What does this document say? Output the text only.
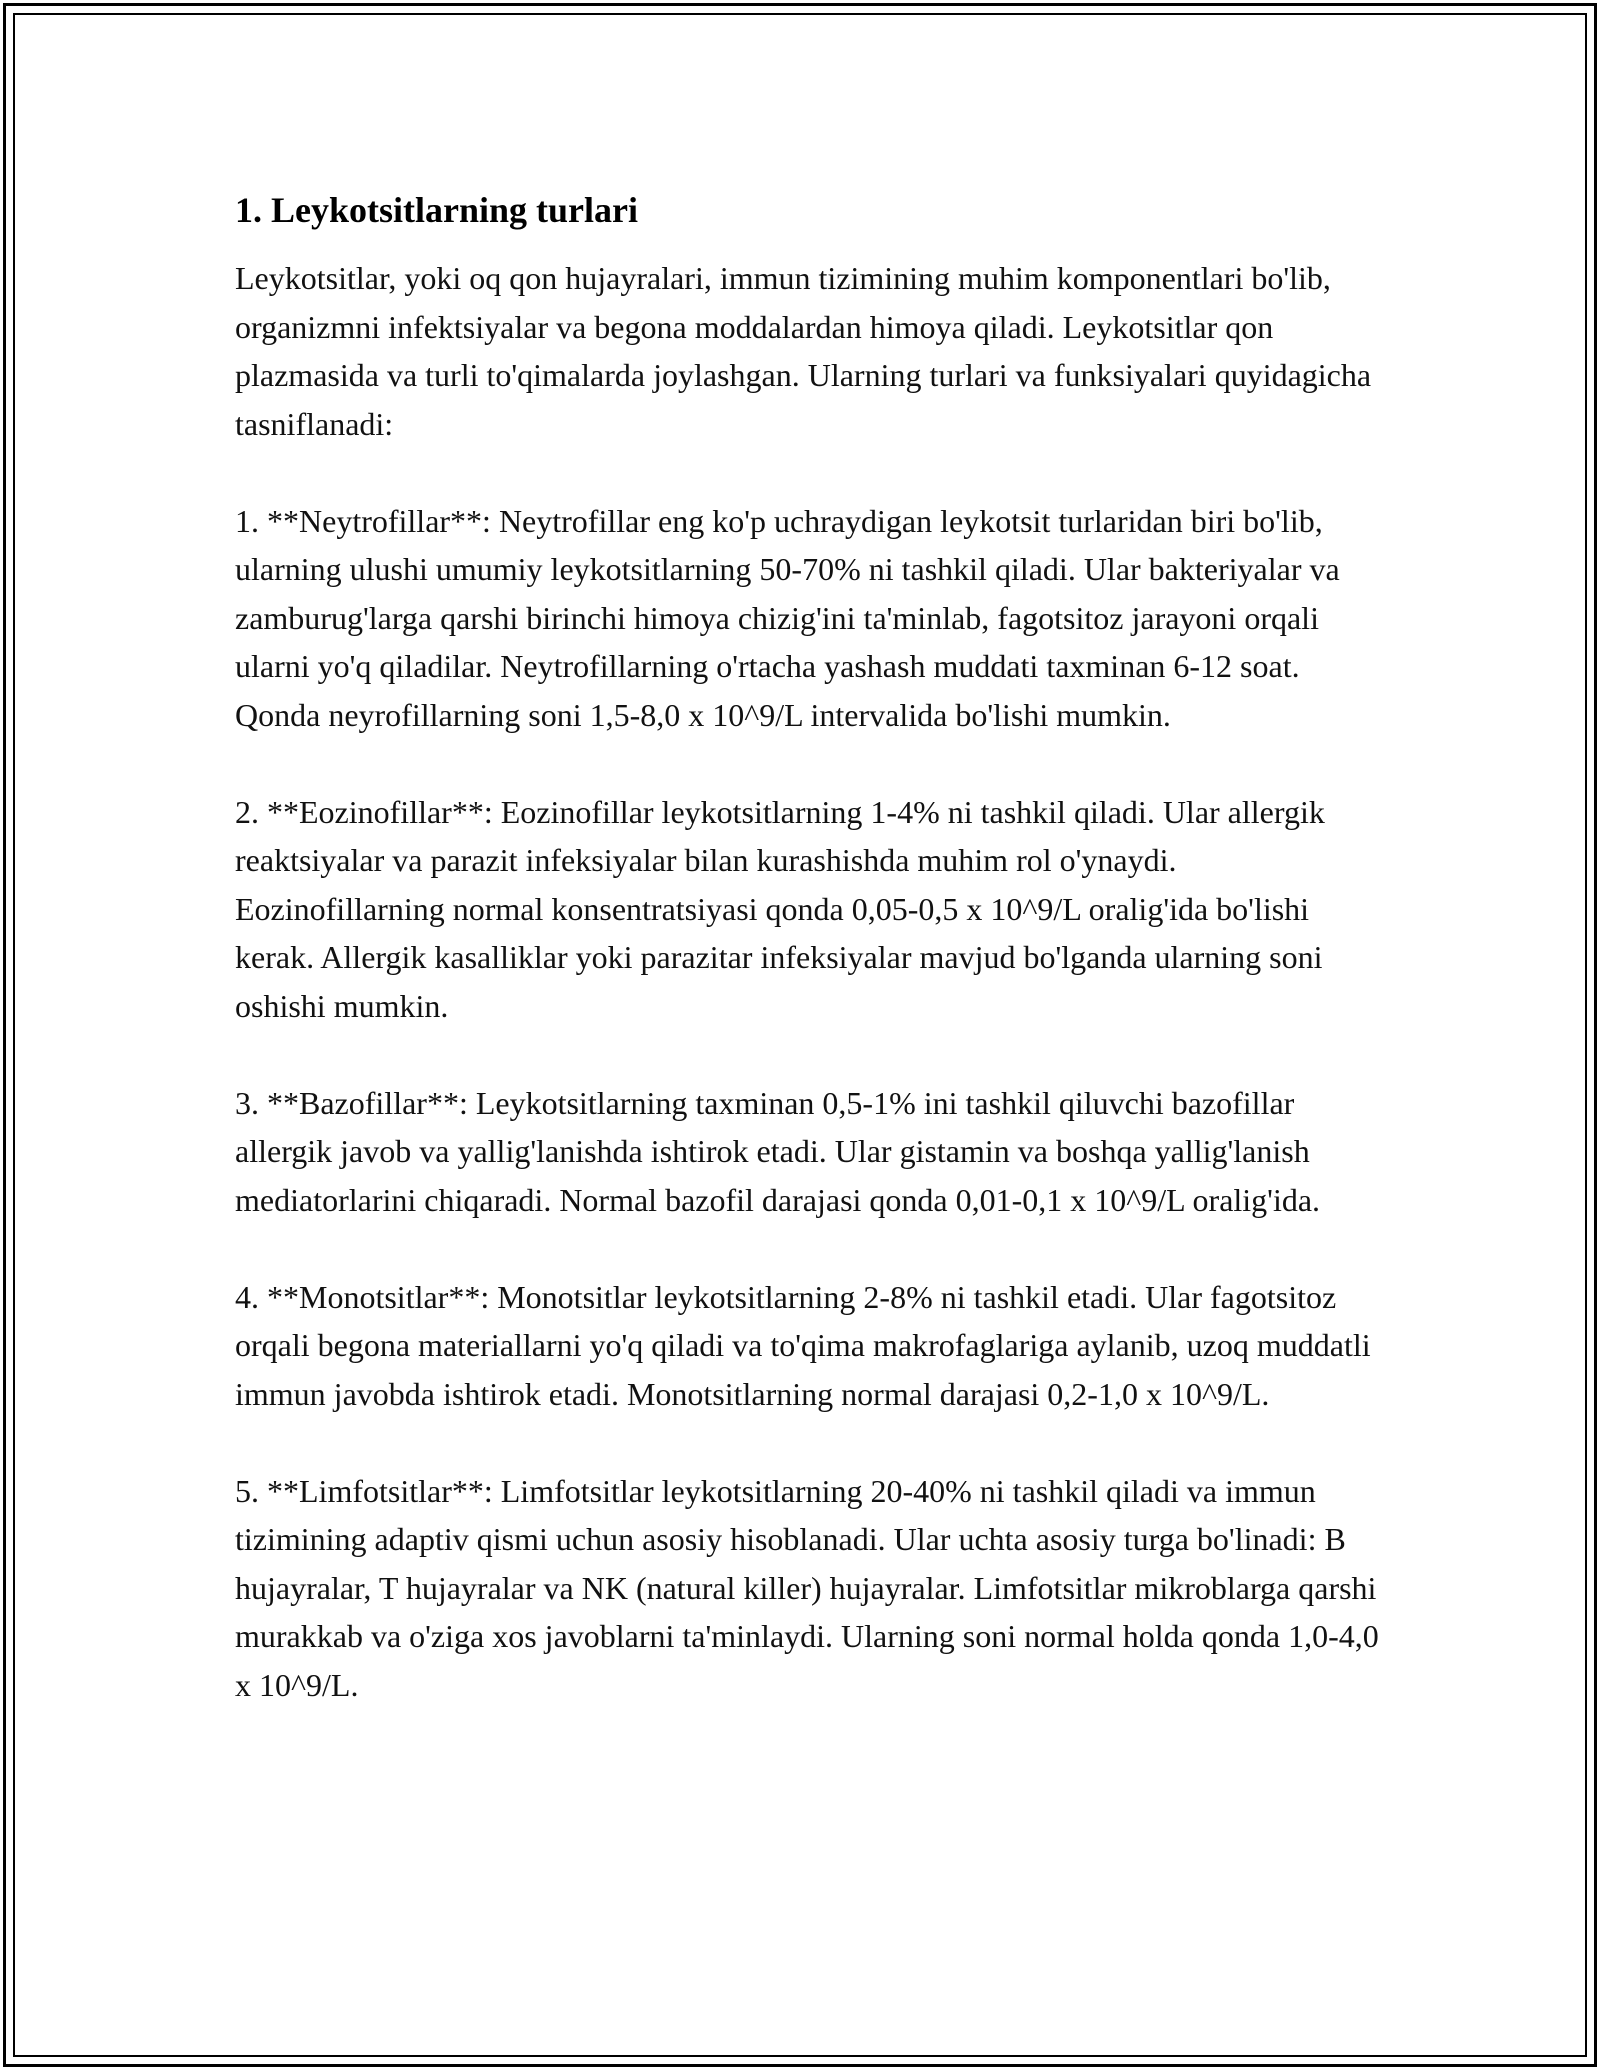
1. Leykotsitlarning turlari

Leykotsitlar, yoki oq qon hujayralari, immun tizimining muhim komponentlari bo'lib, organizmni infektsiyalar va begona moddalardan himoya qiladi. Leykotsitlar qon plazmasida va turli to'qimalarda joylashgan. Ularning turlari va funksiyalari quyidagicha tasniflanadi:

1. **Neytrofillar**: Neytrofillar eng ko'p uchraydigan leykotsit turlaridan biri bo'lib, ularning ulushi umumiy leykotsitlarning 50-70% ni tashkil qiladi. Ular bakteriyalar va zamburug'larga qarshi birinchi himoya chizig'ini ta'minlab, fagotsitoz jarayoni orqali ularni yo'q qiladilar. Neytrofillarning o'rtacha yashash muddati taxminan 6-12 soat. Qonda neyrofillarning soni 1,5-8,0 x 10^9/L intervalida bo'lishi mumkin.

2. **Eozinofillar**: Eozinofillar leykotsitlarning 1-4% ni tashkil qiladi. Ular allergik reaktsiyalar va parazit infeksiyalar bilan kurashishda muhim rol o'ynaydi. Eozinofillarning normal konsentratsiyasi qonda 0,05-0,5 x 10^9/L oralig'ida bo'lishi kerak. Allergik kasalliklar yoki parazitar infeksiyalar mavjud bo'lganda ularning soni oshishi mumkin.

3. **Bazofillar**: Leykotsitlarning taxminan 0,5-1% ini tashkil qiluvchi bazofillar allergik javob va yallig'lanishda ishtirok etadi. Ular gistamin va boshqa yallig'lanish mediatorlarini chiqaradi. Normal bazofil darajasi qonda 0,01-0,1 x 10^9/L oralig'ida.

4. **Monotsitlar**: Monotsitlar leykotsitlarning 2-8% ni tashkil etadi. Ular fagotsitoz orqali begona materiallarni yo'q qiladi va to'qima makrofaglariga aylanib, uzoq muddatli immun javobda ishtirok etadi. Monotsitlarning normal darajasi 0,2-1,0 x 10^9/L.

5. **Limfotsitlar**: Limfotsitlar leykotsitlarning 20-40% ni tashkil qiladi va immun tizimining adaptiv qismi uchun asosiy hisoblanadi. Ular uchta asosiy turga bo'linadi: B hujayralar, T hujayralar va NK (natural killer) hujayralar. Limfotsitlar mikroblarga qarshi murakkab va o'ziga xos javoblarni ta'minlaydi. Ularning soni normal holda qonda 1,0-4,0 x 10^9/L.
